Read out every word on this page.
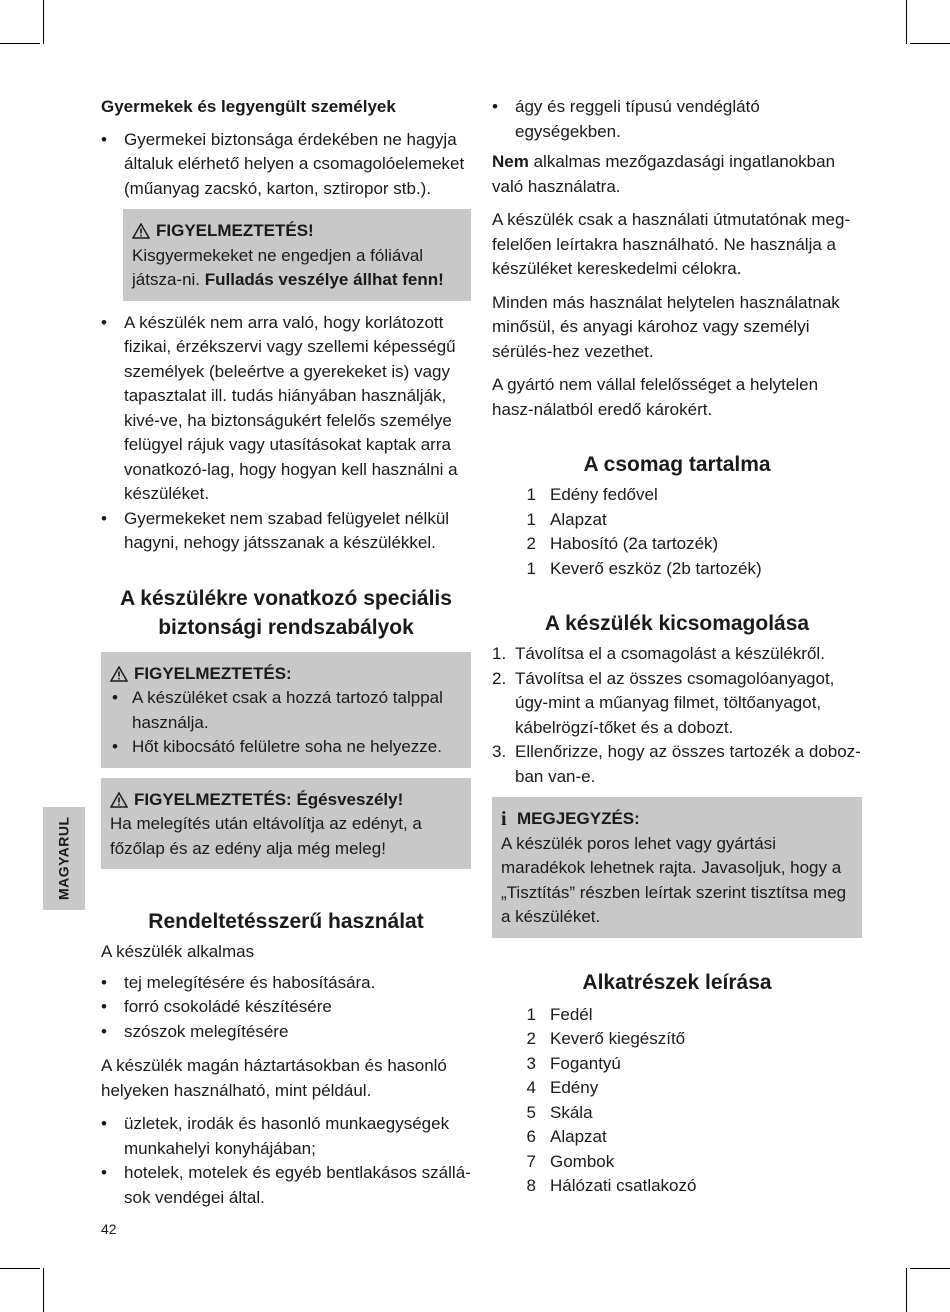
MAGYARUL
Gyermekek és legyengült személyek
• Gyermekei biztonsága érdekében ne hagyja általuk elérhető helyen a csomagolóelemeket (műanyag zacskó, karton, sztiropor stb.).
FIGYELMEZTETÉS!
Kisgyermekeket ne engedjen a fóliával játsza-ni. Fulladás veszélye állhat fenn!
• A készülék nem arra való, hogy korlátozott fizikai, érzékszervi vagy szellemi képességű személyek (beleértve a gyerekeket is) vagy tapasztalat ill. tudás hiányában használják, kivé-ve, ha biztonságukért felelős személye felügyel rájuk vagy utasításokat kaptak arra vonatkozó-lag, hogy hogyan kell használni a készüléket.
• Gyermekeket nem szabad felügyelet nélkül hagyni, nehogy játsszanak a készülékkel.
A készülékre vonatkozó speciális biztonsági rendszabályok
FIGYELMEZTETÉS:
• A készüléket csak a hozzá tartozó talppal használja.
• Hőt kibocsátó felületre soha ne helyezze.
FIGYELMEZTETÉS: Égésveszély!
Ha melegítés után eltávolítja az edényt, a főzőlap és az edény alja még meleg!
Rendeltetésszerű használat

A készülék alkalmas

• tej melegítésére és habosítására.
• forró csokoládé készítésére
• szószok melegítésére

A készülék magán háztartásokban és hasonló helyeken használható, mint például.

• üzletek, irodák és hasonló munkaegységek munkahelyi konyhájában;
• hotelek, motelek és egyéb bentlakásos szállá-sok vendégei által.
• ágy és reggeli típusú vendéglátó egységekben.

Nem alkalmas mezőgazdasági ingatlanokban való használatra.

A készülék csak a használati útmutatónak meg-felelően leírtakra használható. Ne használja a készüléket kereskedelmi célokra.

Minden más használat helytelen használatnak minősül, és anyagi károhoz vagy személyi sérülés-hez vezethet.

A gyártó nem vállal felelősséget a helytelen hasz-nálatból eredő károkért.

A csomag tartalma
1 Edény fedővel
1 Alapzat
2 Habosító (2a tartozék)
1 Keverő eszköz (2b tartozék)
A készülék kicsomagolása
1. Távolítsa el a csomagolást a készülékről.
2. Távolítsa el az összes csomagolóanyagot, úgy-mint a műanyag filmet, töltőanyagot, kábelrögzí-tőket és a dobozt.
3. Ellenőrizze, hogy az összes tartozék a doboz-ban van-e.
i MEGJEGYZÉS:
A készülék poros lehet vagy gyártási maradékok lehetnek rajta. Javasoljuk, hogy a „Tisztítás” részben leírtak szerint tisztítsa meg a készüléket.
Alkatrészek leírása
1 Fedél
2 Keverő kiegészítő
3 Fogantyú
4 Edény
5 Skála
6 Alapzat
7 Gombok
8 Hálózati csatlakozó
42
